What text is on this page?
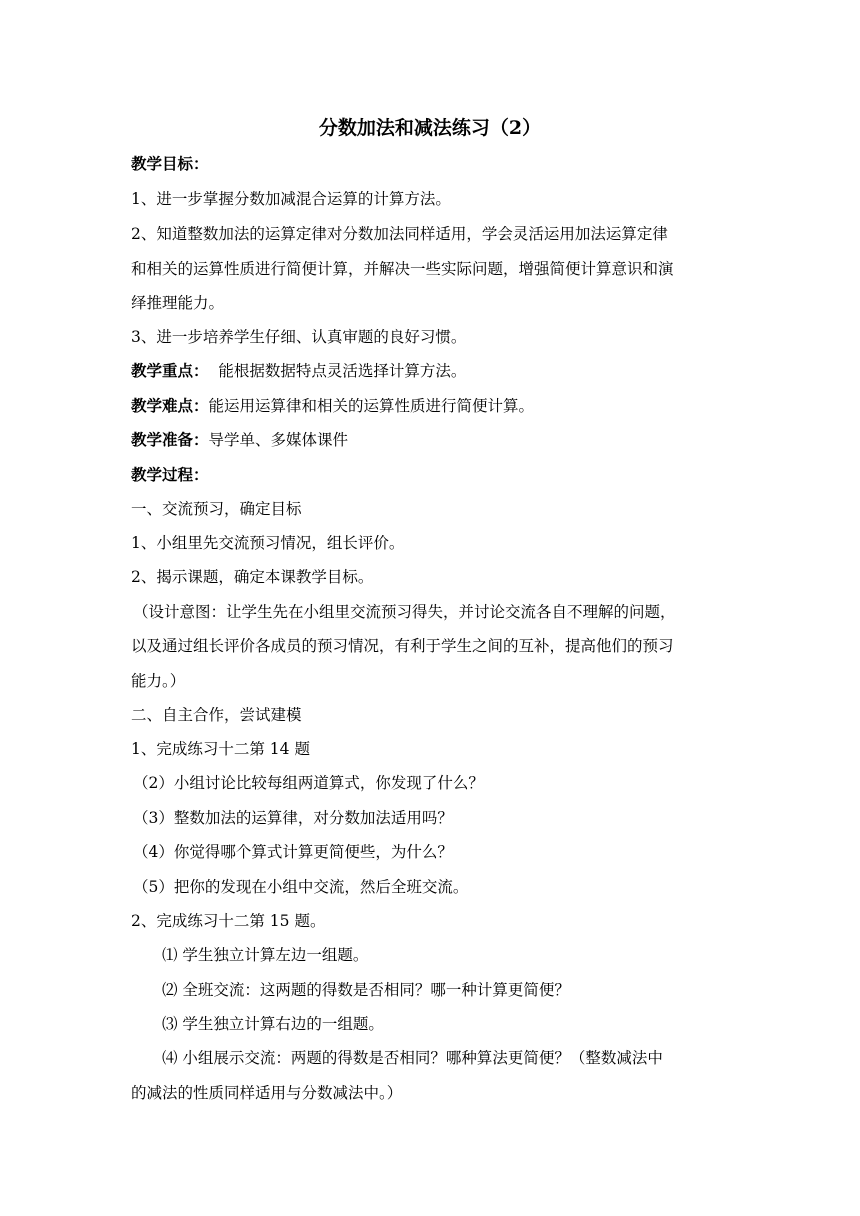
分数加法和减法练习（2）
教学目标：
1、进一步掌握分数加减混合运算的计算方法。
2、知道整数加法的运算定律对分数加法同样适用，学会灵活运用加法运算定律
和相关的运算性质进行简便计算，并解决一些实际问题，增强简便计算意识和演
绎推理能力。
3、进一步培养学生仔细、认真审题的良好习惯。
教学重点：  能根据数据特点灵活选择计算方法。
教学难点：能运用运算律和相关的运算性质进行简便计算。
教学准备：导学单、多媒体课件
教学过程：
一、交流预习，确定目标
1、小组里先交流预习情况，组长评价。
2、揭示课题，确定本课教学目标。
（设计意图：让学生先在小组里交流预习得失，并讨论交流各自不理解的问题，
以及通过组长评价各成员的预习情况，有利于学生之间的互补，提高他们的预习
能力。）
二、自主合作，尝试建模
1、完成练习十二第 14 题
（2）小组讨论比较每组两道算式，你发现了什么？
（3）整数加法的运算律，对分数加法适用吗？
（4）你觉得哪个算式计算更简便些，为什么？
（5）把你的发现在小组中交流，然后全班交流。
2、完成练习十二第 15 题。
⑴ 学生独立计算左边一组题。
⑵ 全班交流：这两题的得数是否相同？哪一种计算更简便？
⑶ 学生独立计算右边的一组题。
⑷ 小组展示交流：两题的得数是否相同？哪种算法更简便？（整数减法中
的减法的性质同样适用与分数减法中。）
